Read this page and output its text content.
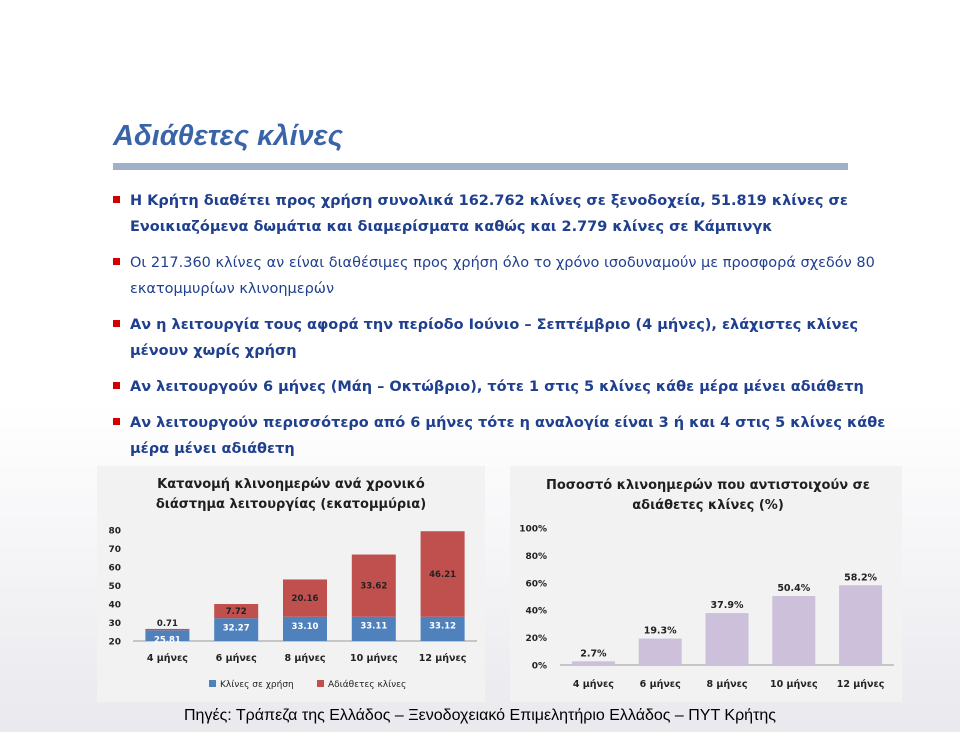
Αδιάθετες κλίνες
Η Κρήτη διαθέτει προς χρήση συνολικά 162.762 κλίνες σε ξενοδοχεία, 51.819 κλίνες σε Ενοικιαζόμενα δωμάτια και διαμερίσματα καθώς και 2.779 κλίνες σε Κάμπινγκ
Οι 217.360 κλίνες αν είναι διαθέσιμες προς χρήση όλο το χρόνο ισοδυναμούν με προσφορά σχεδόν 80 εκατομμυρίων κλινοημερών
Αν η λειτουργία τους αφορά την περίοδο Ιούνιο – Σεπτέμβριο (4 μήνες), ελάχιστες κλίνες μένουν χωρίς χρήση
Αν λειτουργούν 6 μήνες (Μάη – Οκτώβριο), τότε 1 στις 5 κλίνες κάθε μέρα μένει αδιάθετη
Αν λειτουργούν περισσότερο από 6 μήνες τότε η αναλογία είναι 3 ή και 4 στις 5 κλίνες κάθε μέρα μένει αδιάθετη
Κατανομή κλινοημερών ανά χρονικό
διάστημα λειτουργίας (εκατομμύρια)
20
30
40
50
60
70
80
25.81
0.71
4 μήνες
32.27
7.72
6 μήνες
33.10
20.16
8 μήνες
33.11
33.62
10 μήνες
33.12
46.21
12 μήνες
Κλίνες σε χρήση	Αδιάθετες κλίνες
Ποσοστό κλινοημερών που αντιστοιχούν σε
αδιάθετες κλίνες (%)
0%
20%
40%
60%
80%
100%
2.7%
4 μήνες
19.3%
6 μήνες
37.9%
8 μήνες
50.4%
10 μήνες
58.2%
12 μήνες

Πηγές: Τράπεζα της Ελλάδος – Ξενοδοχειακό Επιμελητήριο Ελλάδος – ΠΥΤ Κρήτης
